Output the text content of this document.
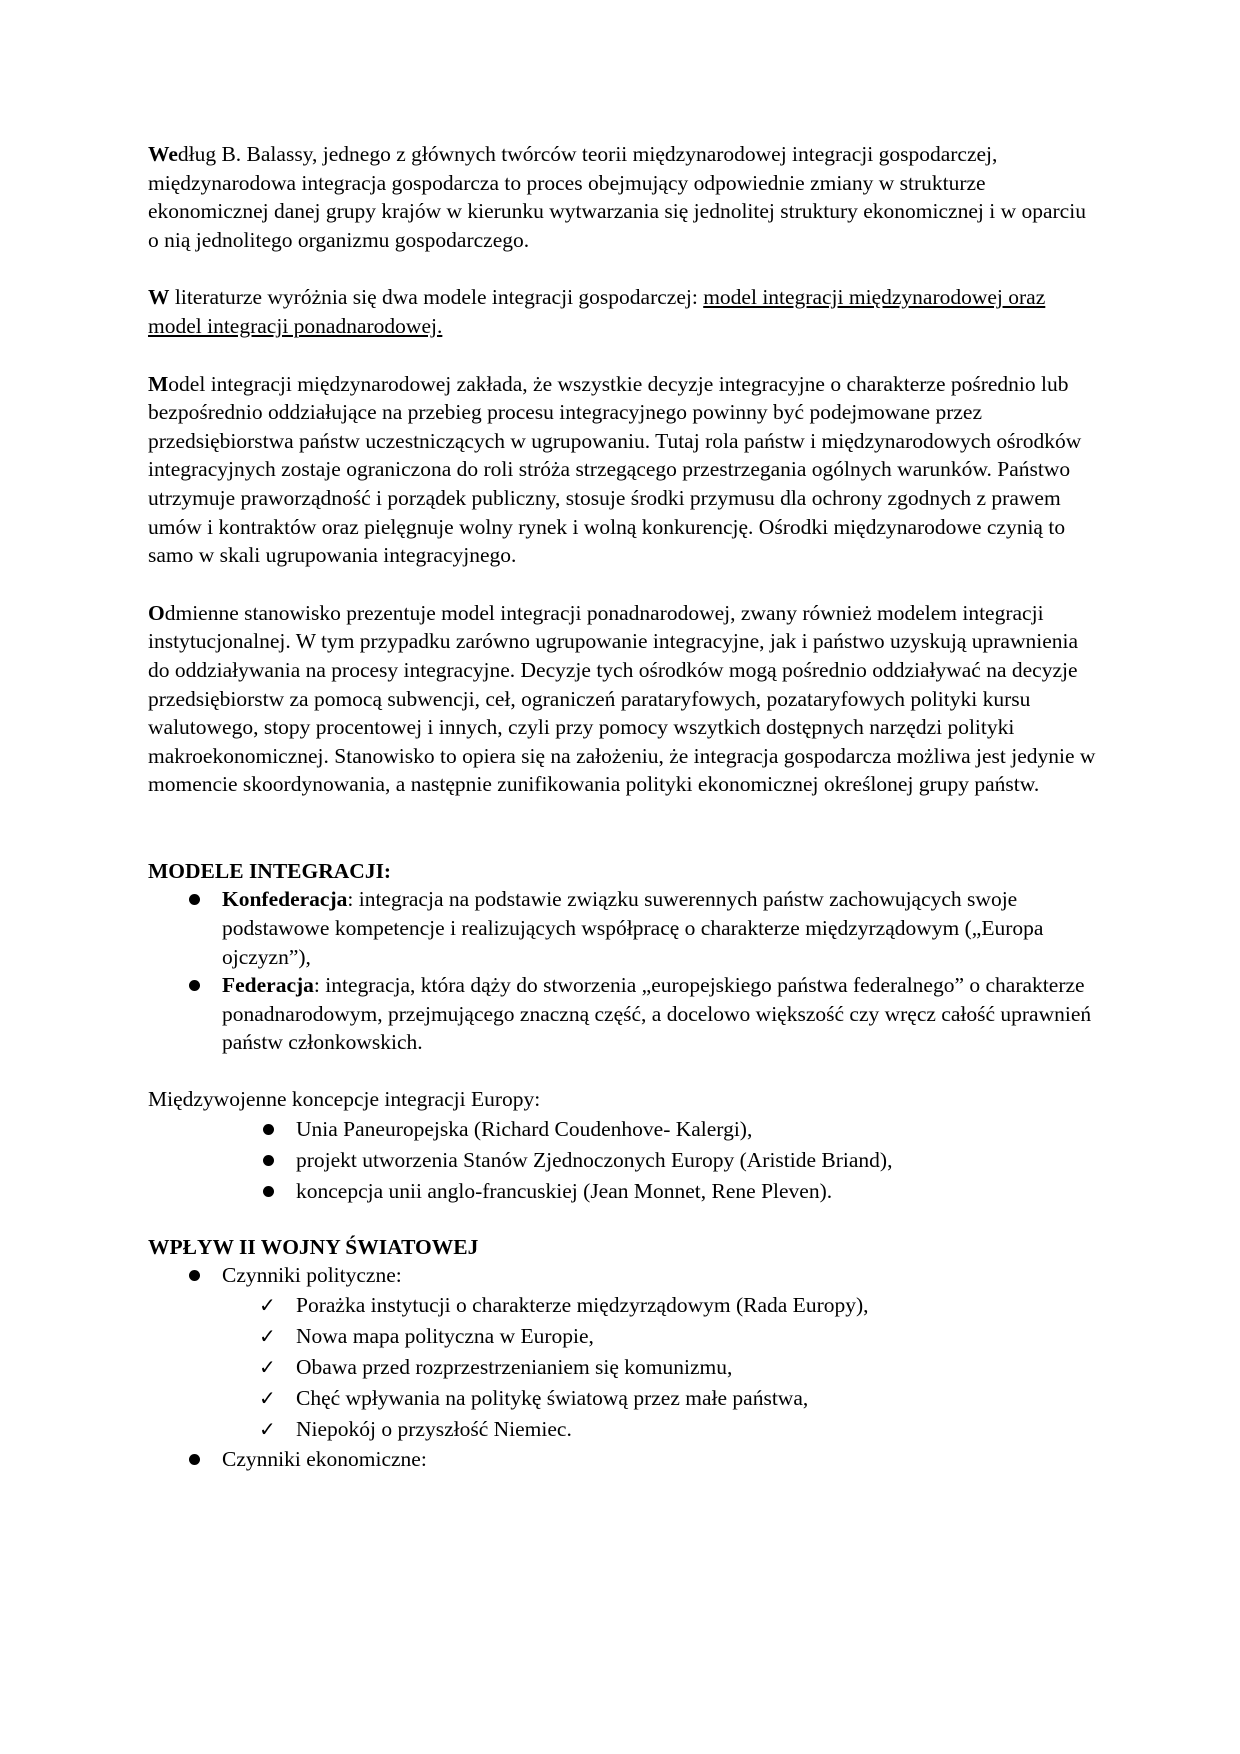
Według B. Balassy, jednego z głównych twórców teorii międzynarodowej integracji gospodarczej, międzynarodowa integracja gospodarcza to proces obejmujący odpowiednie zmiany w strukturze ekonomicznej danej grupy krajów w kierunku wytwarzania się jednolitej struktury ekonomicznej i w oparciu o nią jednolitego organizmu gospodarczego.

W literaturze wyróżnia się dwa modele integracji gospodarczej: model integracji międzynarodowej oraz model integracji ponadnarodowej.

Model integracji międzynarodowej zakłada, że wszystkie decyzje integracyjne o charakterze pośrednio lub bezpośrednio oddziałujące na przebieg procesu integracyjnego powinny być podejmowane przez przedsiębiorstwa państw uczestniczących w ugrupowaniu. Tutaj rola państw i międzynarodowych ośrodków integracyjnych zostaje ograniczona do roli stróża strzegącego przestrzegania ogólnych warunków. Państwo utrzymuje praworządność i porządek publiczny, stosuje środki przymusu dla ochrony zgodnych z prawem umów i kontraktów oraz pielęgnuje wolny rynek i wolną konkurencję. Ośrodki międzynarodowe czynią to samo w skali ugrupowania integracyjnego.

Odmienne stanowisko prezentuje model integracji ponadnarodowej, zwany również modelem integracji instytucjonalnej. W tym przypadku zarówno ugrupowanie integracyjne, jak i państwo uzyskują uprawnienia do oddziaływania na procesy integracyjne. Decyzje tych ośrodków mogą pośrednio oddziaływać na decyzje przedsiębiorstw za pomocą subwencji, ceł, ograniczeń parataryfowych, pozataryfowych polityki kursu walutowego, stopy procentowej i innych, czyli przy pomocy wszytkich dostępnych narzędzi polityki makroekonomicznej. Stanowisko to opiera się na założeniu, że integracja gospodarcza możliwa jest jedynie w momencie skoordynowania, a następnie zunifikowania polityki ekonomicznej określonej grupy państw.

MODELE INTEGRACJI:

Konfederacja: integracja na podstawie związku suwerennych państw zachowujących swoje podstawowe kompetencje i realizujących współpracę o charakterze międzyrządowym („Europa ojczyzn”),
Federacja: integracja, która dąży do stworzenia „europejskiego państwa federalnego” o charakterze ponadnarodowym, przejmującego znaczną część, a docelowo większość czy wręcz całość uprawnień państw członkowskich.

Międzywojenne koncepcje integracji Europy:

Unia Paneuropejska (Richard Coudenhove- Kalergi),
projekt utworzenia Stanów Zjednoczonych Europy (Aristide Briand),
koncepcja unii anglo-francuskiej (Jean Monnet, Rene Pleven).

WPŁYW II WOJNY ŚWIATOWEJ

Czynniki polityczne:
✓ Porażka instytucji o charakterze międzyrządowym (Rada Europy),
✓ Nowa mapa polityczna w Europie,
✓ Obawa przed rozprzestrzenianiem się komunizmu,
✓ Chęć wpływania na politykę światową przez małe państwa,
✓ Niepokój o przyszłość Niemiec.
Czynniki ekonomiczne:
